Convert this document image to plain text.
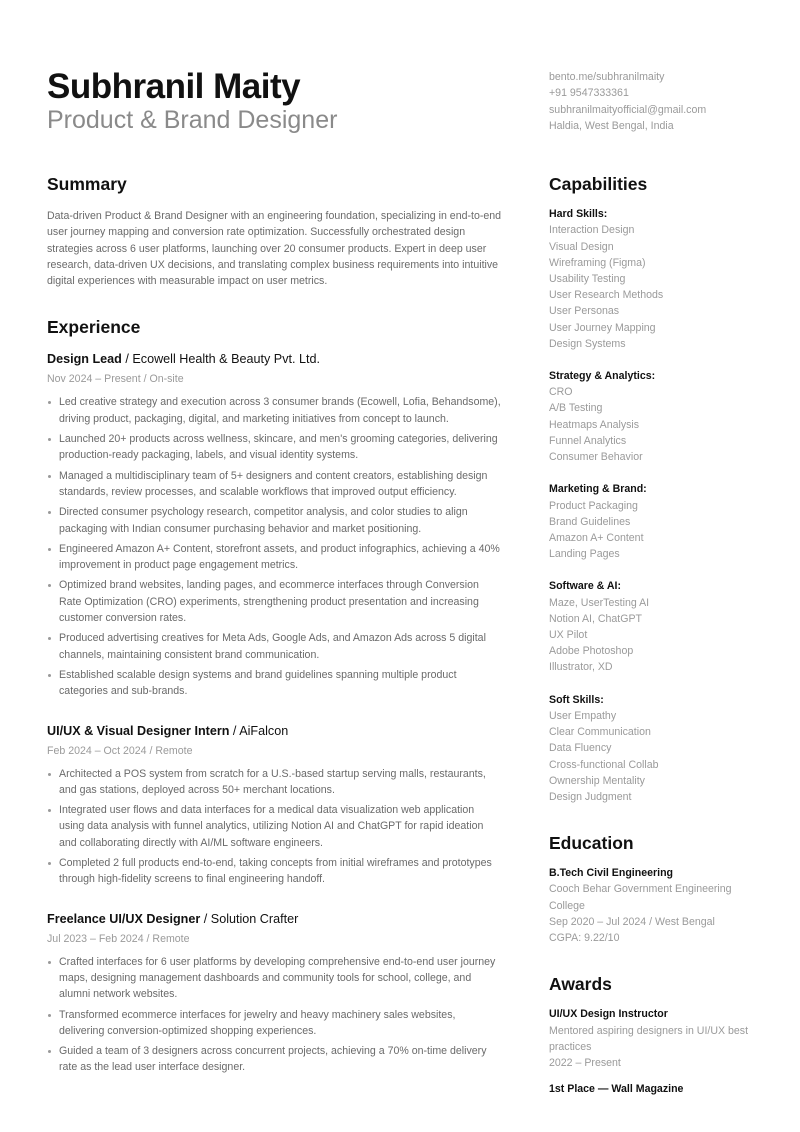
Subhranil Maity
Product & Brand Designer
bento.me/subhranilmaity
+91 9547333361
subhranilmaityofficial@gmail.com
Haldia, West Bengal, India
Summary

Data-driven Product & Brand Designer with an engineering foundation, specializing in end-to-end user journey mapping and conversion rate optimization. Successfully orchestrated design strategies across 6 user platforms, launching over 20 consumer products. Expert in deep user research, data-driven UX decisions, and translating complex business requirements into intuitive digital experiences with measurable impact on user metrics.

Experience
Design Lead / Ecowell Health & Beauty Pvt. Ltd.
Nov 2024 – Present / On-site
Led creative strategy and execution across 3 consumer brands (Ecowell, Lofia, Behandsome), driving product, packaging, digital, and marketing initiatives from concept to launch.
Launched 20+ products across wellness, skincare, and men's grooming categories, delivering production-ready packaging, labels, and visual identity systems.
Managed a multidisciplinary team of 5+ designers and content creators, establishing design standards, review processes, and scalable workflows that improved output efficiency.
Directed consumer psychology research, competitor analysis, and color studies to align packaging with Indian consumer purchasing behavior and market positioning.
Engineered Amazon A+ Content, storefront assets, and product infographics, achieving a 40% improvement in product page engagement metrics.
Optimized brand websites, landing pages, and ecommerce interfaces through Conversion Rate Optimization (CRO) experiments, strengthening product presentation and increasing customer conversion rates.
Produced advertising creatives for Meta Ads, Google Ads, and Amazon Ads across 5 digital channels, maintaining consistent brand communication.
Established scalable design systems and brand guidelines spanning multiple product categories and sub-brands.
UI/UX & Visual Designer Intern / AiFalcon
Feb 2024 – Oct 2024 / Remote
Architected a POS system from scratch for a U.S.-based startup serving malls, restaurants, and gas stations, deployed across 50+ merchant locations.
Integrated user flows and data interfaces for a medical data visualization web application using data analysis with funnel analytics, utilizing Notion AI and ChatGPT for rapid ideation and collaborating directly with AI/ML software engineers.
Completed 2 full products end-to-end, taking concepts from initial wireframes and prototypes through high-fidelity screens to final engineering handoff.
Freelance UI/UX Designer / Solution Crafter
Jul 2023 – Feb 2024 / Remote
Crafted interfaces for 6 user platforms by developing comprehensive end-to-end user journey maps, designing management dashboards and community tools for school, college, and alumni network websites.
Transformed ecommerce interfaces for jewelry and heavy machinery sales websites, delivering conversion-optimized shopping experiences.
Guided a team of 3 designers across concurrent projects, achieving a 70% on-time delivery rate as the lead user interface designer.
Capabilities
Hard Skills:
Interaction Design
Visual Design
Wireframing (Figma)
Usability Testing
User Research Methods
User Personas
User Journey Mapping
Design Systems
Strategy & Analytics:
CRO
A/B Testing
Heatmaps Analysis
Funnel Analytics
Consumer Behavior
Marketing & Brand:
Product Packaging
Brand Guidelines
Amazon A+ Content
Landing Pages
Software & AI:
Maze, UserTesting AI
Notion AI, ChatGPT
UX Pilot
Adobe Photoshop
Illustrator, XD
Soft Skills:
User Empathy
Clear Communication
Data Fluency
Cross-functional Collab
Ownership Mentality
Design Judgment
Education
B.Tech Civil Engineering
Cooch Behar Government Engineering College
Sep 2020 – Jul 2024 / West Bengal
CGPA: 9.22/10
Awards
UI/UX Design Instructor
Mentored aspiring designers in UI/UX best practices
2022 – Present
1st Place — Wall Magazine
